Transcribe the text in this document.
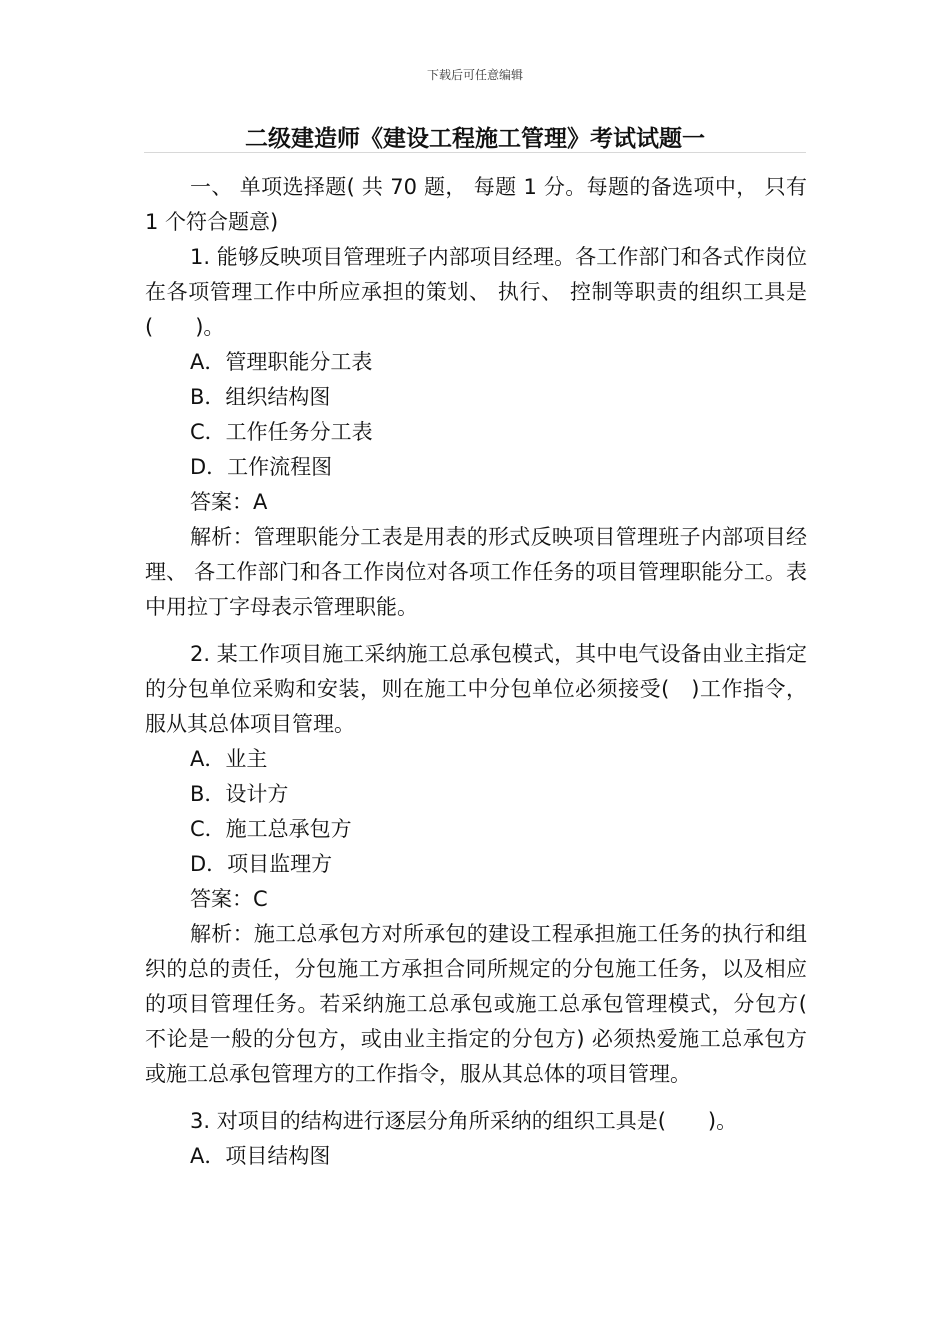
下载后可任意编辑
二级建造师《建设工程施工管理》考试试题一

一、 单项选择题( 共 70 题， 每题 1 分。每题的备选项中， 只有 1 个符合题意)

1. 能够反映项目管理班子内部项目经理。各工作部门和各式作岗位在各项管理工作中所应承担的策划、 执行、 控制等职责的组织工具是(　　)。

A．管理职能分工表

B．组织结构图

C．工作任务分工表

D．工作流程图

答案：A

解析：管理职能分工表是用表的形式反映项目管理班子内部项目经理、 各工作部门和各工作岗位对各项工作任务的项目管理职能分工。表中用拉丁字母表示管理职能。

2. 某工作项目施工采纳施工总承包模式，其中电气设备由业主指定的分包单位采购和安装，则在施工中分包单位必须接受(　)工作指令，服从其总体项目管理。

A．业主

B．设计方

C．施工总承包方

D．项目监理方

答案：C

解析：施工总承包方对所承包的建设工程承担施工任务的执行和组织的总的责任，分包施工方承担合同所规定的分包施工任务，以及相应的项目管理任务。若采纳施工总承包或施工总承包管理模式，分包方( 不论是一般的分包方，或由业主指定的分包方) 必须热爱施工总承包方或施工总承包管理方的工作指令，服从其总体的项目管理。

3. 对项目的结构进行逐层分角所采纳的组织工具是(　　)。

A．项目结构图
